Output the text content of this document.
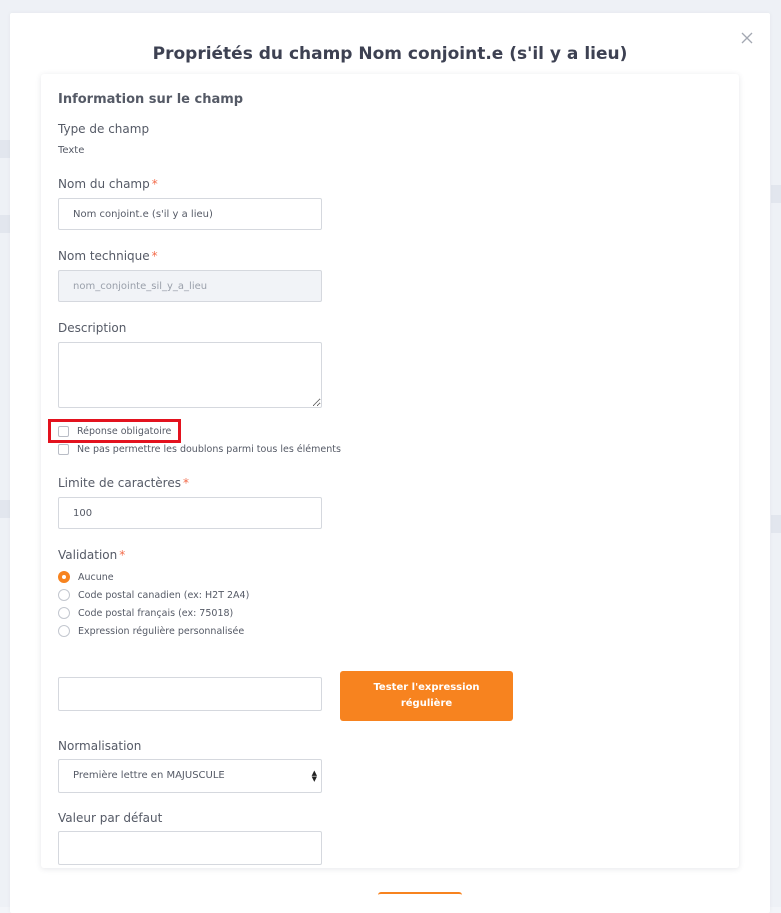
Propriétés du champ Nom conjoint.e (s'il y a lieu)
Information sur le champ
Type de champ
Texte
Nom du champ *
Nom conjoint.e (s'il y a lieu)
Nom technique *
nom_conjointe_sil_y_a_lieu
Description
Réponse obligatoire
Ne pas permettre les doublons parmi tous les éléments
Limite de caractères *
100
Validation *
Aucune
Code postal canadien (ex: H2T 2A4)
Code postal français (ex: 75018)
Expression régulière personnalisée
Tester l'expression régulière
Normalisation
Première lettre en MAJUSCULE	▲
▼
Valeur par défaut
